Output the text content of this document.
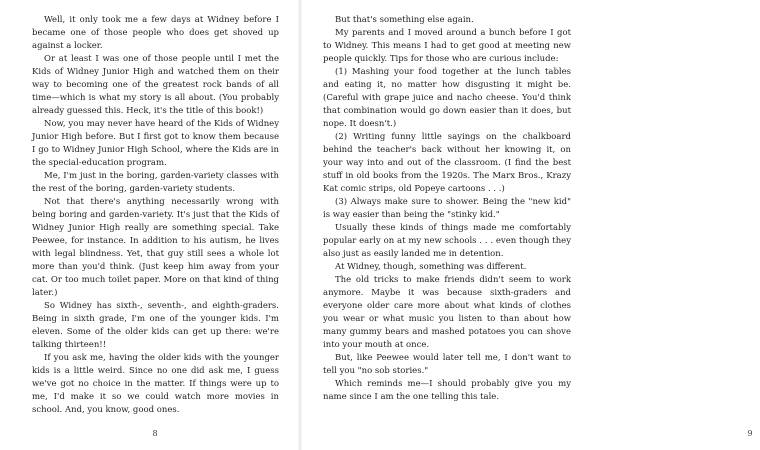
Well, it only took me a few days at Widney before I became one of those people who does get shoved up against a locker.

Or at least I was one of those people until I met the Kids of Widney Junior High and watched them on their way to becoming one of the greatest rock bands of all time—which is what my story is all about. (You probably already guessed this. Heck, it's the title of this book!)

Now, you may never have heard of the Kids of Widney Junior High before. But I first got to know them because I go to Widney Junior High School, where the Kids are in the special-education program.

Me, I'm just in the boring, garden-variety classes with the rest of the boring, garden-variety students.

Not that there's anything necessarily wrong with being boring and garden-variety. It's just that the Kids of Widney Junior High really are something special. Take Peewee, for instance. In addition to his autism, he lives with legal blindness. Yet, that guy still sees a whole lot more than you'd think. (Just keep him away from your cat. Or too much toilet paper. More on that kind of thing later.)

So Widney has sixth-, seventh-, and eighth-graders. Being in sixth grade, I'm one of the younger kids. I'm eleven. Some of the older kids can get up there: we're talking thirteen!!

If you ask me, having the older kids with the younger kids is a little weird. Since no one did ask me, I guess we've got no choice in the matter. If things were up to me, I'd make it so we could watch more movies in school. And, you know, good ones.

8	9

But that's something else again.

My parents and I moved around a bunch before I got to Widney. This means I had to get good at meeting new people quickly. Tips for those who are curious include:

(1) Mashing your food together at the lunch tables and eating it, no matter how disgusting it might be. (Careful with grape juice and nacho cheese. You'd think that combination would go down easier than it does, but nope. It doesn't.)

(2) Writing funny little sayings on the chalkboard behind the teacher's back without her knowing it, on your way into and out of the classroom. (I find the best stuff in old books from the 1920s. The Marx Bros., Krazy Kat comic strips, old Popeye cartoons . . .)

(3) Always make sure to shower. Being the "new kid" is way easier than being the "stinky kid."

Usually these kinds of things made me comfortably popular early on at my new schools . . . even though they also just as easily landed me in detention.

At Widney, though, something was different.

The old tricks to make friends didn't seem to work anymore. Maybe it was because sixth-graders and everyone older care more about what kinds of clothes you wear or what music you listen to than about how many gummy bears and mashed potatoes you can shove into your mouth at once.

But, like Peewee would later tell me, I don't want to tell you "no sob stories."

Which reminds me—I should probably give you my name since I am the one telling this tale.
